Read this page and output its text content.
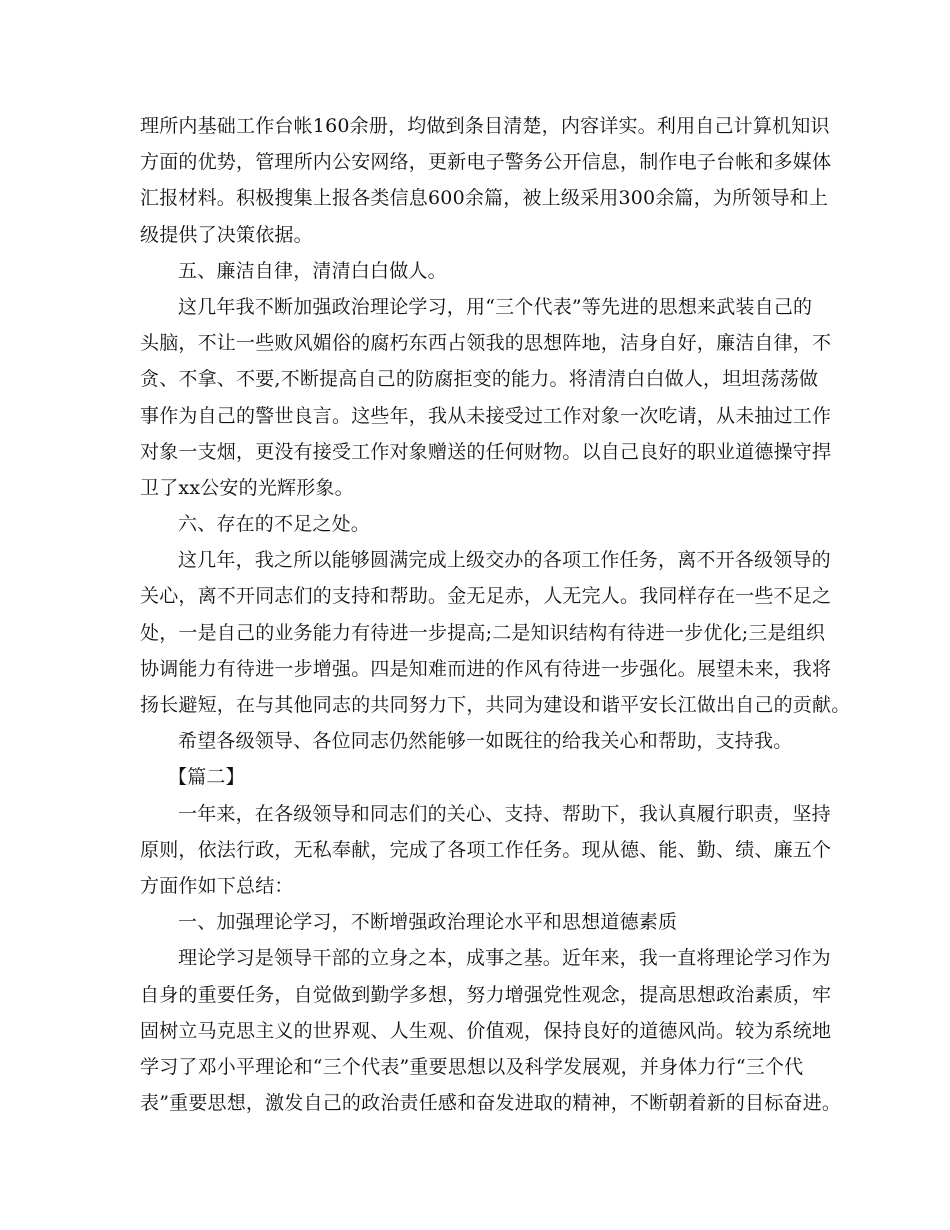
理所内基础工作台帐160余册，均做到条目清楚，内容详实。利用自己计算机知识
方面的优势，管理所内公安网络，更新电子警务公开信息，制作电子台帐和多媒体
汇报材料。积极搜集上报各类信息600余篇，被上级采用300余篇，为所领导和上
级提供了决策依据。
五、廉洁自律，清清白白做人。
这几年我不断加强政治理论学习，用“三个代表”等先进的思想来武装自己的
头脑，不让一些败风媚俗的腐朽东西占领我的思想阵地，洁身自好，廉洁自律，不
贪、不拿、不要,不断提高自己的防腐拒变的能力。将清清白白做人，坦坦荡荡做
事作为自己的警世良言。这些年，我从未接受过工作对象一次吃请，从未抽过工作
对象一支烟，更没有接受工作对象赠送的任何财物。以自己良好的职业道德操守捍
卫了xx公安的光辉形象。
六、存在的不足之处。
这几年，我之所以能够圆满完成上级交办的各项工作任务，离不开各级领导的
关心，离不开同志们的支持和帮助。金无足赤，人无完人。我同样存在一些不足之
处，一是自己的业务能力有待进一步提高;二是知识结构有待进一步优化;三是组织
协调能力有待进一步增强。四是知难而进的作风有待进一步强化。展望未来，我将
扬长避短，在与其他同志的共同努力下，共同为建设和谐平安长江做出自己的贡献。
希望各级领导、各位同志仍然能够一如既往的给我关心和帮助，支持我。
【篇二】
一年来，在各级领导和同志们的关心、支持、帮助下，我认真履行职责，坚持
原则，依法行政，无私奉献，完成了各项工作任务。现从德、能、勤、绩、廉五个
方面作如下总结：
一、加强理论学习，不断增强政治理论水平和思想道德素质
理论学习是领导干部的立身之本，成事之基。近年来，我一直将理论学习作为
自身的重要任务，自觉做到勤学多想，努力增强党性观念，提高思想政治素质，牢
固树立马克思主义的世界观、人生观、价值观，保持良好的道德风尚。较为系统地
学习了邓小平理论和“三个代表”重要思想以及科学发展观，并身体力行“三个代
表”重要思想，激发自己的政治责任感和奋发进取的精神，不断朝着新的目标奋进。
